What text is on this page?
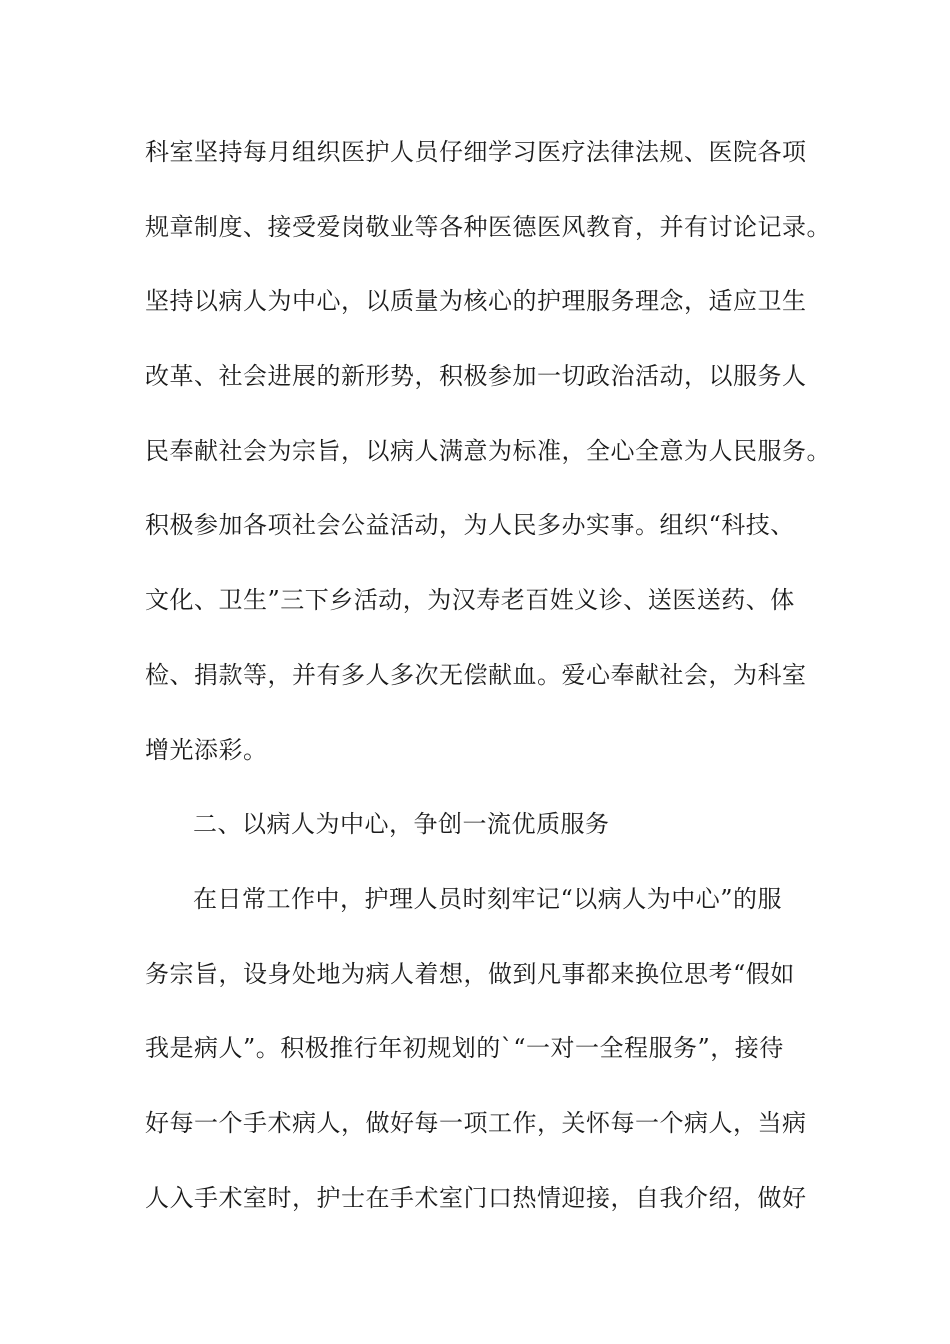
科室坚持每月组织医护人员仔细学习医疗法律法规、医院各项
规章制度、接受爱岗敬业等各种医德医风教育，并有讨论记录。
坚持以病人为中心，以质量为核心的护理服务理念，适应卫生
改革、社会进展的新形势，积极参加一切政治活动，以服务人
民奉献社会为宗旨，以病人满意为标准，全心全意为人民服务。
积极参加各项社会公益活动，为人民多办实事。组织“科技、
文化、卫生”三下乡活动，为汉寿老百姓义诊、送医送药、体
检、捐款等，并有多人多次无偿献血。爱心奉献社会，为科室
增光添彩。
二、以病人为中心，争创一流优质服务
在日常工作中，护理人员时刻牢记“以病人为中心”的服
务宗旨，设身处地为病人着想，做到凡事都来换位思考“假如
我是病人”。积极推行年初规划的`“一对一全程服务”，接待
好每一个手术病人，做好每一项工作，关怀每一个病人，当病
人入手术室时，护士在手术室门口热情迎接，自我介绍，做好
